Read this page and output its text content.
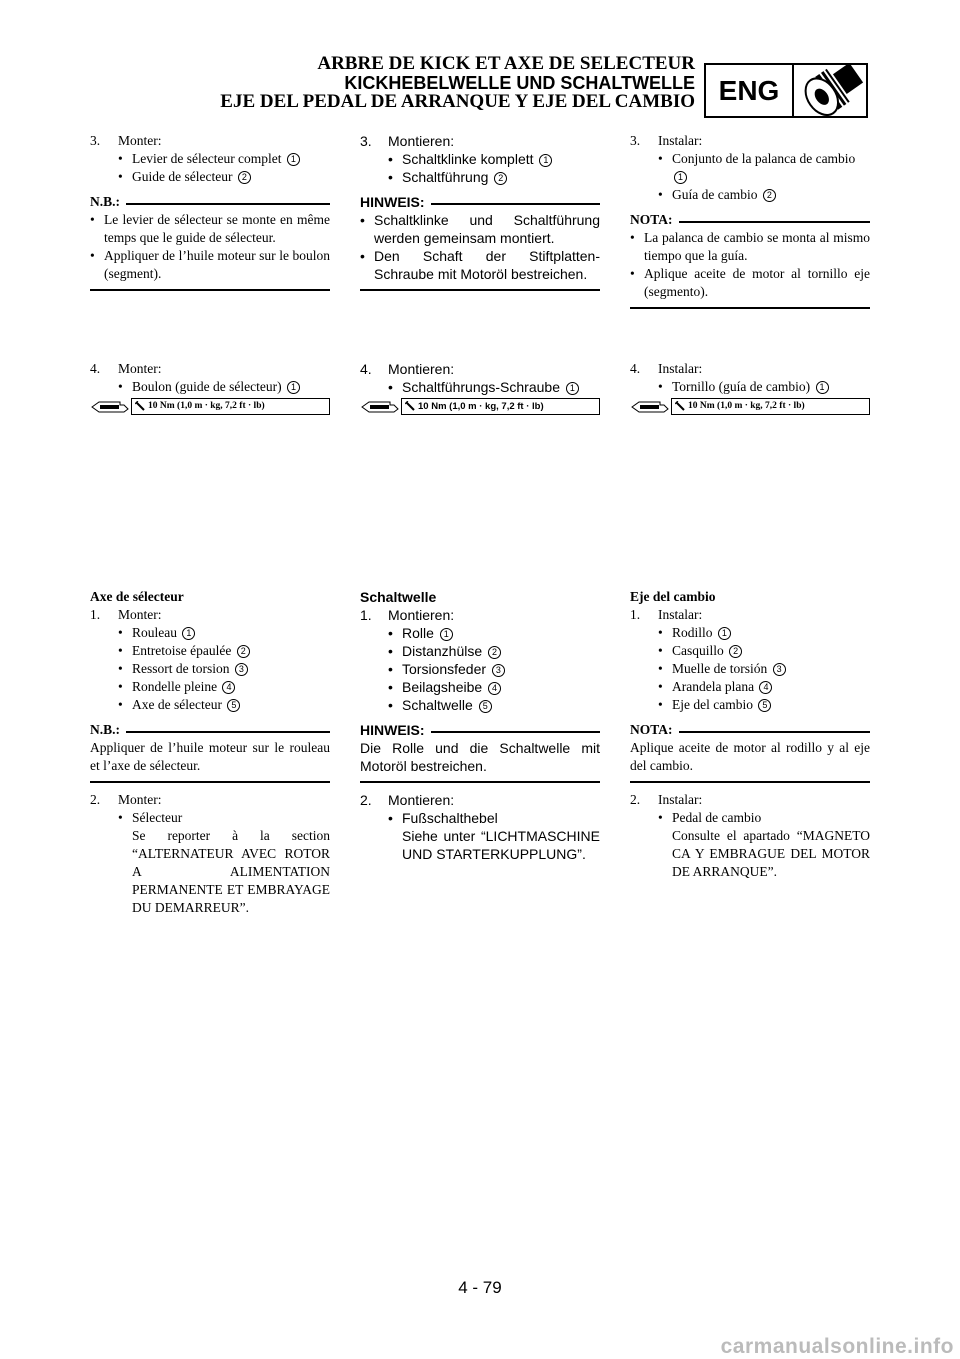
ARBRE DE KICK ET AXE DE SELECTEUR
KICKHEBELWELLE UND SCHALTWELLE
EJE DEL PEDAL DE ARRANQUE Y EJE DEL CAMBIO ENG
3. Monter:
• Levier de sélecteur complet 1
• Guide de sélecteur 2
N.B.:
• Le levier de sélecteur se monte en même temps que le guide de sélecteur.
• Appliquer de l’huile moteur sur le boulon (segment).
4. Monter:
• Boulon (guide de sélecteur) 1
10 Nm (1,0 m · kg, 7,2 ft · lb)
Axe de sélecteur
1. Monter:
• Rouleau 1
• Entretoise épaulée 2
• Ressort de torsion 3
• Rondelle pleine 4
• Axe de sélecteur 5
N.B.:
Appliquer de l’huile moteur sur le rouleau et l’axe de sélecteur.
2. Monter:
• Sélecteur
Se reporter à la section “ALTERNATEUR AVEC ROTOR A ALIMENTATION PERMANENTE ET EMBRAYAGE DU DEMARREUR”.
3. Montieren:
• Schaltklinke komplett 1
• Schaltführung 2
HINWEIS:
• Schaltklinke und Schaltführung werden gemeinsam montiert.
• Den Schaft der Stiftplatten-Schraube mit Motoröl bestreichen.
4. Montieren:
• Schaltführungs-Schraube 1
10 Nm (1,0 m · kg, 7,2 ft · lb)
Schaltwelle
1. Montieren:
• Rolle 1
• Distanzhülse 2
• Torsionsfeder 3
• Beilagsheibe 4
• Schaltwelle 5
HINWEIS:
Die Rolle und die Schaltwelle mit Motoröl bestreichen.
2. Montieren:
• Fußschalthebel
Siehe unter “LICHTMASCHINE UND STARTERKUPPLUNG”.
3. Instalar:
• Conjunto de la palanca de cambio 1
• Guía de cambio 2
NOTA:
• La palanca de cambio se monta al mismo tiempo que la guía.
• Aplique aceite de motor al tornillo eje (segmento).
4. Instalar:
• Tornillo (guía de cambio) 1
10 Nm (1,0 m · kg, 7,2 ft · lb)
Eje del cambio
1. Instalar:
• Rodillo 1
• Casquillo 2
• Muelle de torsión 3
• Arandela plana 4
• Eje del cambio 5
NOTA:
Aplique aceite de motor al rodillo y al eje del cambio.
2. Instalar:
• Pedal de cambio
Consulte el apartado “MAGNETO CA Y EMBRAGUE DEL MOTOR DE ARRANQUE”.
4 - 79
carmanualsonline.info
